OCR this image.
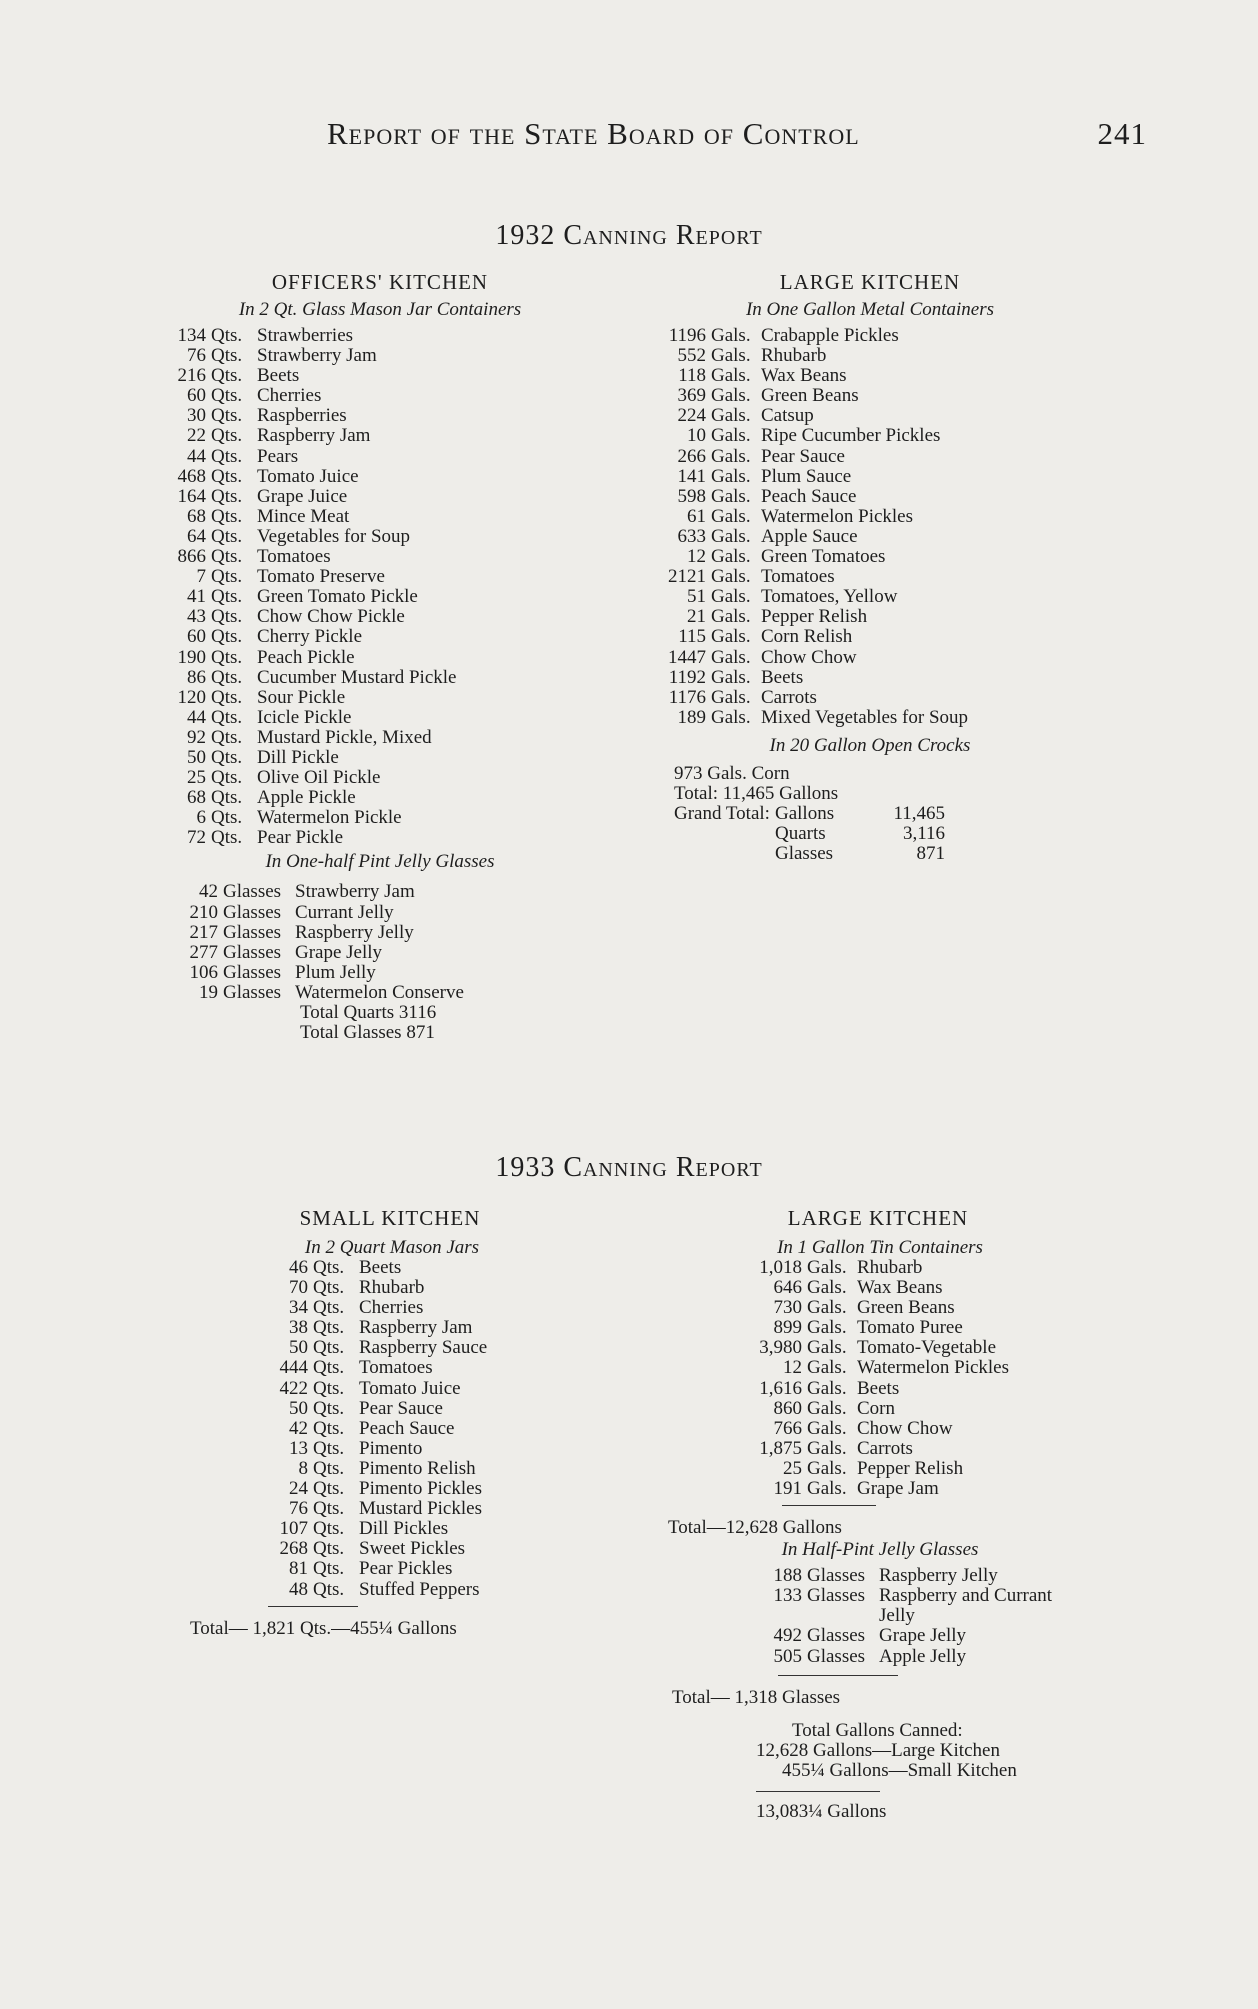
Report of the State Board of Control	241
1932 Canning Report
OFFICERS' KITCHEN
In 2 Qt. Glass Mason Jar Containers
134 Qts. Strawberries
76 Qts. Strawberry Jam
216 Qts. Beets
60 Qts. Cherries
30 Qts. Raspberries
22 Qts. Raspberry Jam
44 Qts. Pears
468 Qts. Tomato Juice
164 Qts. Grape Juice
68 Qts. Mince Meat
64 Qts. Vegetables for Soup
866 Qts. Tomatoes
7 Qts. Tomato Preserve
41 Qts. Green Tomato Pickle
43 Qts. Chow Chow Pickle
60 Qts. Cherry Pickle
190 Qts. Peach Pickle
86 Qts. Cucumber Mustard Pickle
120 Qts. Sour Pickle
44 Qts. Icicle Pickle
92 Qts. Mustard Pickle, Mixed
50 Qts. Dill Pickle
25 Qts. Olive Oil Pickle
68 Qts. Apple Pickle
6 Qts. Watermelon Pickle
72 Qts. Pear Pickle
In One-half Pint Jelly Glasses
42 Glasses Strawberry Jam
210 Glasses Currant Jelly
217 Glasses Raspberry Jelly
277 Glasses Grape Jelly
106 Glasses Plum Jelly
19 Glasses Watermelon Conserve
Total Quarts 3116
Total Glasses 871
LARGE KITCHEN
In One Gallon Metal Containers
1196 Gals. Crabapple Pickles
552 Gals. Rhubarb
118 Gals. Wax Beans
369 Gals. Green Beans
224 Gals. Catsup
10 Gals. Ripe Cucumber Pickles
266 Gals. Pear Sauce
141 Gals. Plum Sauce
598 Gals. Peach Sauce
61 Gals. Watermelon Pickles
633 Gals. Apple Sauce
12 Gals. Green Tomatoes
2121 Gals. Tomatoes
51 Gals. Tomatoes, Yellow
21 Gals. Pepper Relish
115 Gals. Corn Relish
1447 Gals. Chow Chow
1192 Gals. Beets
1176 Gals. Carrots
189 Gals. Mixed Vegetables for Soup
In 20 Gallon Open Crocks
973 Gals. Corn
Total: 11,465 Gallons
Grand Total: Gallons	11,465
Quarts	3,116
Glasses	871
1933 Canning Report
SMALL KITCHEN
In 2 Quart Mason Jars
46 Qts. Beets
70 Qts. Rhubarb
34 Qts. Cherries
38 Qts. Raspberry Jam
50 Qts. Raspberry Sauce
444 Qts. Tomatoes
422 Qts. Tomato Juice
50 Qts. Pear Sauce
42 Qts. Peach Sauce
13 Qts. Pimento
8 Qts. Pimento Relish
24 Qts. Pimento Pickles
76 Qts. Mustard Pickles
107 Qts. Dill Pickles
268 Qts. Sweet Pickles
81 Qts. Pear Pickles
48 Qts. Stuffed Peppers
Total— 1,821 Qts.—455¼ Gallons
LARGE KITCHEN
In 1 Gallon Tin Containers
1,018 Gals. Rhubarb
646 Gals. Wax Beans
730 Gals. Green Beans
899 Gals. Tomato Puree
3,980 Gals. Tomato-Vegetable
12 Gals. Watermelon Pickles
1,616 Gals. Beets
860 Gals. Corn
766 Gals. Chow Chow
1,875 Gals. Carrots
25 Gals. Pepper Relish
191 Gals. Grape Jam
Total—12,628 Gallons
In Half-Pint Jelly Glasses
188 Glasses Raspberry Jelly
133 Glasses Raspberry and Currant
Jelly
492 Glasses Grape Jelly
505 Glasses Apple Jelly
Total— 1,318 Glasses
Total Gallons Canned:
12,628 Gallons—Large Kitchen
455¼ Gallons—Small Kitchen
13,083¼ Gallons
